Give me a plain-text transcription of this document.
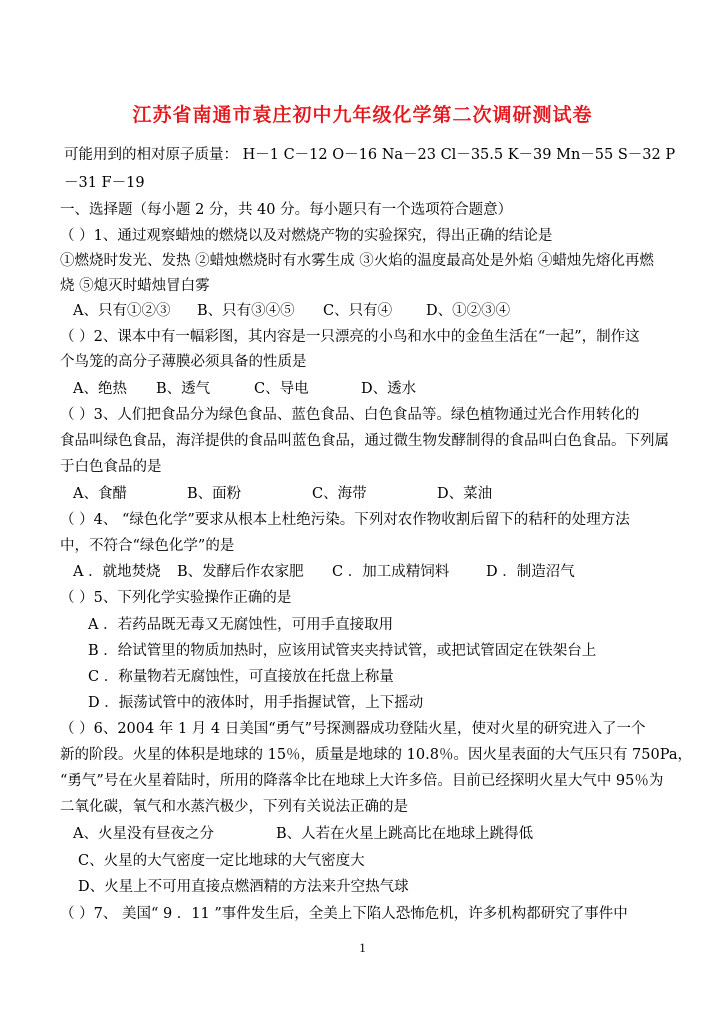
江苏省南通市袁庄初中九年级化学第二次调研测试卷
可能用到的相对原子质量： H－1 C－12 O－16 Na－23 Cl－35.5 K－39 Mn－55 S－32 P
－31 F－19
一、选择题（每小题 2 分，共 40 分。每小题只有一个选项符合题意）
（ ）1、通过观察蜡烛的燃烧以及对燃烧产物的实验探究，得出正确的结论是
①燃烧时发光、发热 ②蜡烛燃烧时有水雾生成 ③火焰的温度最高处是外焰 ④蜡烛先熔化再燃
烧 ⑤熄灭时蜡烛冒白雾
A、只有①②③ B、只有③④⑤ C、只有④ D、①②③④
（ ）2、课本中有一幅彩图，其内容是一只漂亮的小鸟和水中的金鱼生活在“一起”，制作这
个鸟笼的高分子薄膜必须具备的性质是
A、绝热 B、透气	C、导电	D、透水
（ ）3、人们把食品分为绿色食品、蓝色食品、白色食品等。绿色植物通过光合作用转化的
食品叫绿色食品，海洋提供的食品叫蓝色食品，通过微生物发酵制得的食品叫白色食品。下列属
于白色食品的是
A、食醋	B、面粉	C、海带	D、菜油
（ ）4、 “绿色化学”要求从根本上杜绝污染。下列对农作物收割后留下的秸秆的处理方法
中，不符合“绿色化学”的是
A ．就地焚烧 B、发酵后作农家肥 C ．加工成精饲料	D ．制造沼气
（ ）5、下列化学实验操作正确的是
A ．若药品既无毒又无腐蚀性，可用手直接取用
B ．给试管里的物质加热时，应该用试管夹夹持试管，或把试管固定在铁架台上
C ．称量物若无腐蚀性，可直接放在托盘上称量
D ．振荡试管中的液体时，用手指握试管，上下摇动
（ ）6、2004 年 1 月 4 日美国“勇气”号探测器成功登陆火星，使对火星的研究进入了一个
新的阶段。火星的体积是地球的 15％，质量是地球的 10.8％。因火星表面的大气压只有 750Pa，
“勇气”号在火星着陆时，所用的降落伞比在地球上大许多倍。目前已经探明火星大气中 95％为
二氧化碳，氧气和水蒸汽极少，下列有关说法正确的是
A、火星没有昼夜之分	B、人若在火星上跳高比在地球上跳得低
C、火星的大气密度一定比地球的大气密度大
D、火星上不可用直接点燃酒精的方法来升空热气球
（ ）7、 美国“ 9 ．11 ”事件发生后，全美上下陷人恐怖危机，许多机构都研究了事件中
1
